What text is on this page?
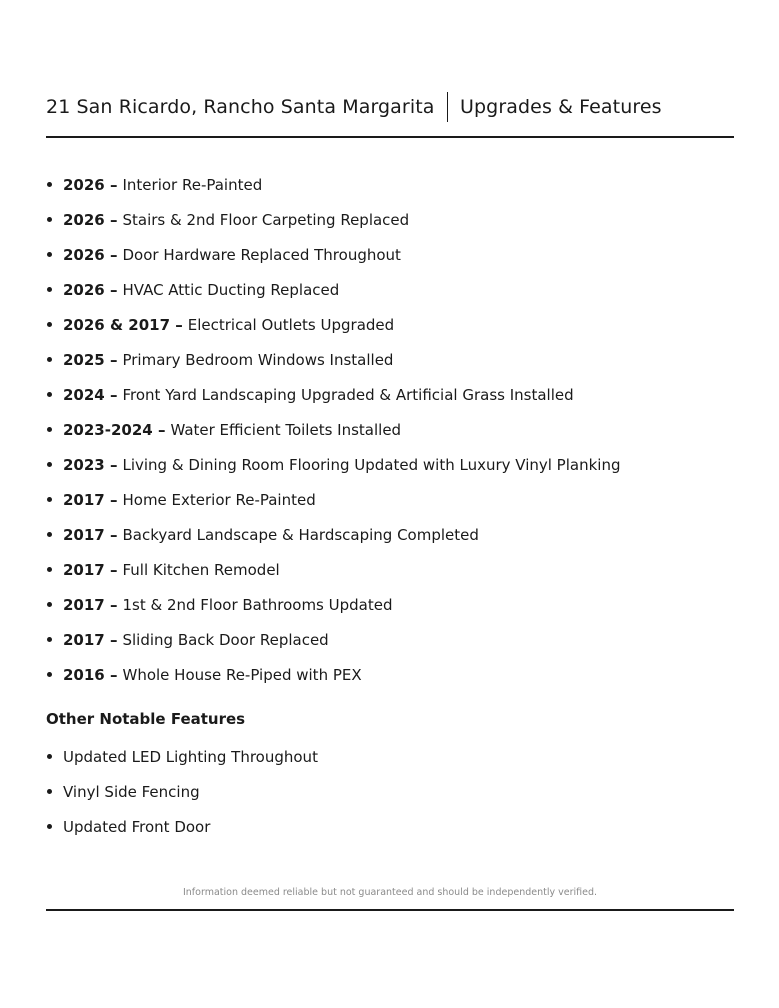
21 San Ricardo, Rancho Santa Margarita Upgrades & Features
2026 – Interior Re-Painted
2026 – Stairs & 2nd Floor Carpeting Replaced
2026 – Door Hardware Replaced Throughout
2026 – HVAC Attic Ducting Replaced
2026 & 2017 – Electrical Outlets Upgraded
2025 – Primary Bedroom Windows Installed
2024 – Front Yard Landscaping Upgraded & Artificial Grass Installed
2023-2024 – Water Efficient Toilets Installed
2023 – Living & Dining Room Flooring Updated with Luxury Vinyl Planking
2017 – Home Exterior Re-Painted
2017 – Backyard Landscape & Hardscaping Completed
2017 – Full Kitchen Remodel
2017 – 1st & 2nd Floor Bathrooms Updated
2017 – Sliding Back Door Replaced
2016 – Whole House Re-Piped with PEX
Other Notable Features
Updated LED Lighting Throughout
Vinyl Side Fencing
Updated Front Door
Information deemed reliable but not guaranteed and should be independently verified.
